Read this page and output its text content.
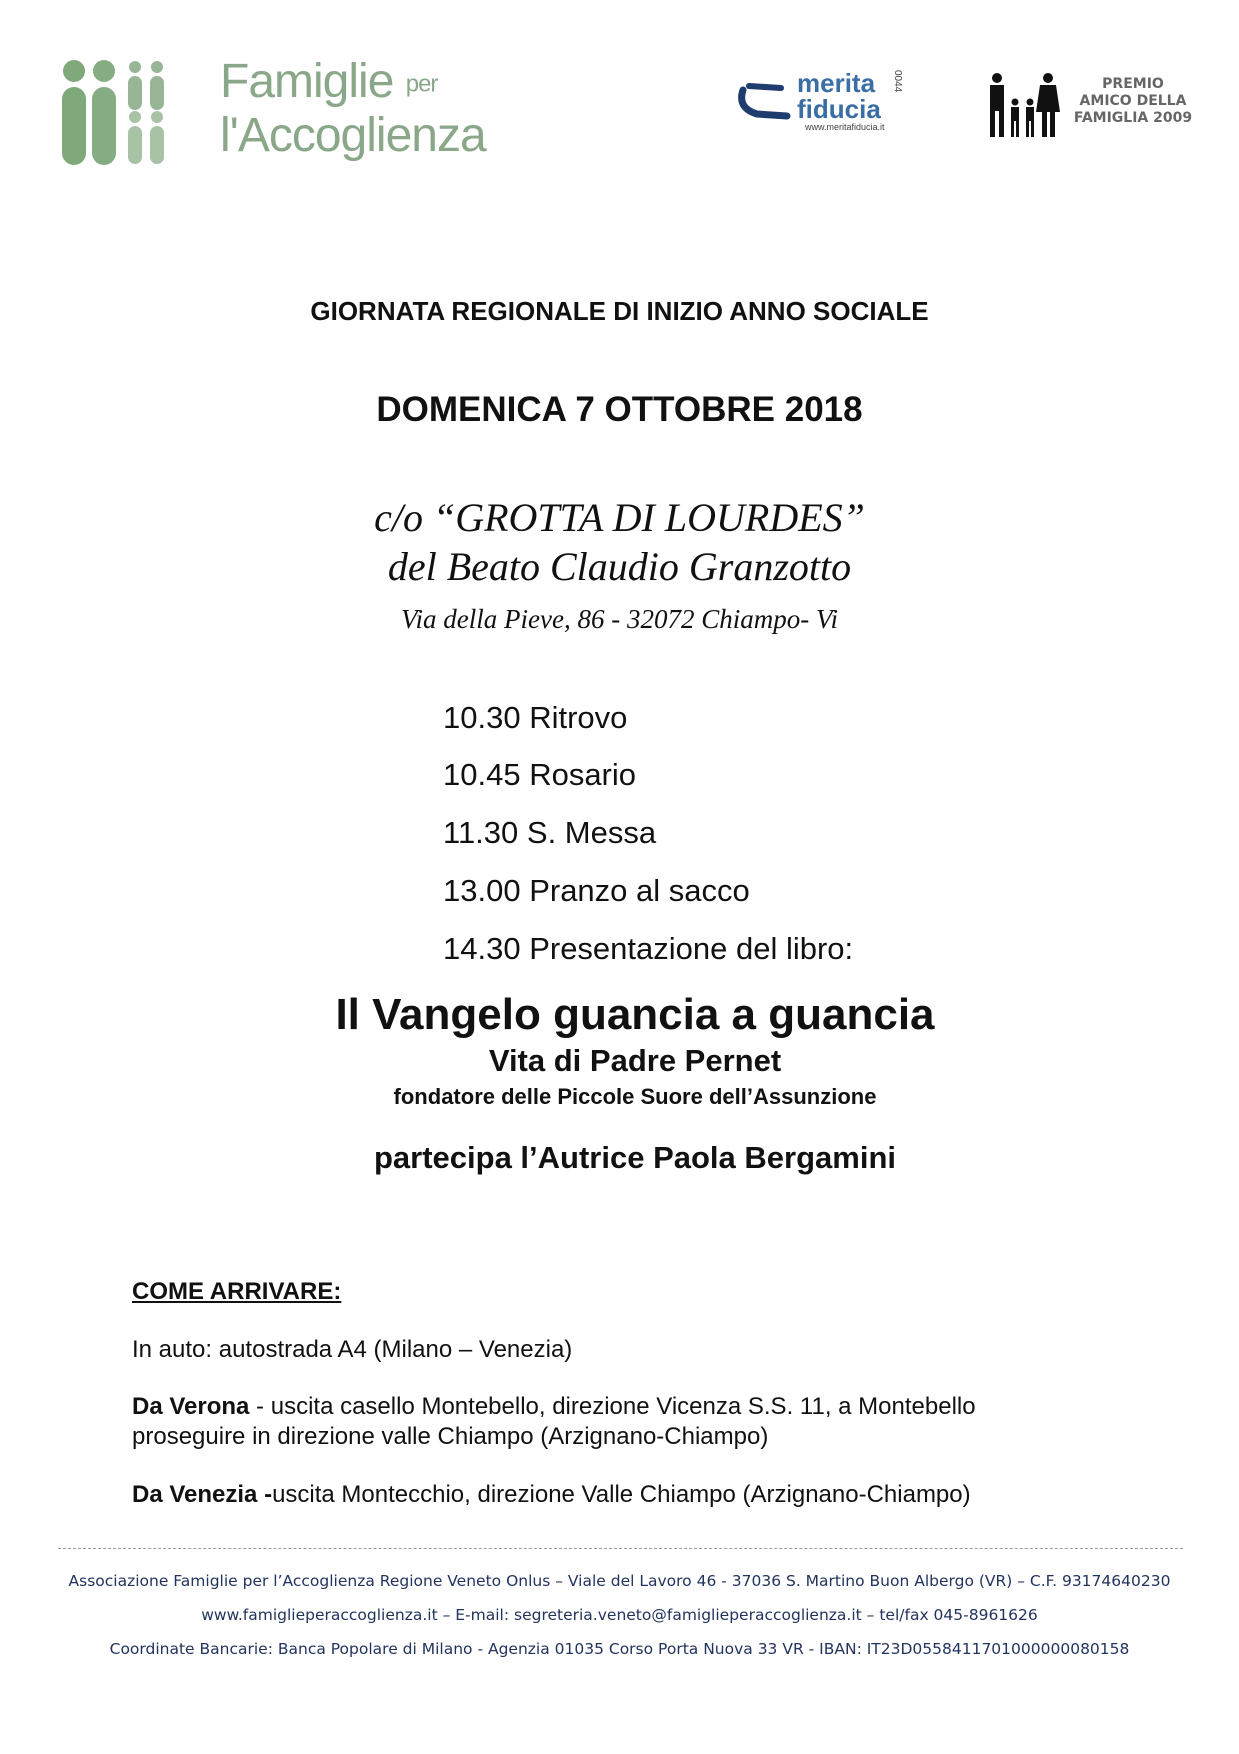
Famiglie per
l'Accoglienza
merita
fiducia
www.meritafiducia.it
0044	PREMIO
AMICO DELLA
FAMIGLIA 2009
GIORNATA REGIONALE DI INIZIO ANNO SOCIALE
DOMENICA 7 OTTOBRE 2018
c/o “GROTTA DI LOURDES”
del Beato Claudio Granzotto
Via della Pieve, 86 - 32072 Chiampo- Vi
10.30 Ritrovo
10.45 Rosario
11.30 S. Messa
13.00 Pranzo al sacco
14.30 Presentazione del libro:
Il Vangelo guancia a guancia
Vita di Padre Pernet
fondatore delle Piccole Suore dell’Assunzione
partecipa l’Autrice Paola Bergamini
COME ARRIVARE:
In auto: autostrada A4 (Milano – Venezia)
Da Verona - uscita casello Montebello, direzione Vicenza S.S. 11, a Montebello
proseguire in direzione valle Chiampo (Arzignano-Chiampo)
Da Venezia -uscita Montecchio, direzione Valle Chiampo (Arzignano-Chiampo)
Associazione Famiglie per l’Accoglienza Regione Veneto Onlus – Viale del Lavoro 46 - 37036 S. Martino Buon Albergo (VR) – C.F. 93174640230
www.famiglieperaccoglienza.it – E-mail: segreteria.veneto@famiglieperaccoglienza.it – tel/fax 045-8961626
Coordinate Bancarie: Banca Popolare di Milano - Agenzia 01035 Corso Porta Nuova 33 VR - IBAN: IT23D0558411701000000080158
